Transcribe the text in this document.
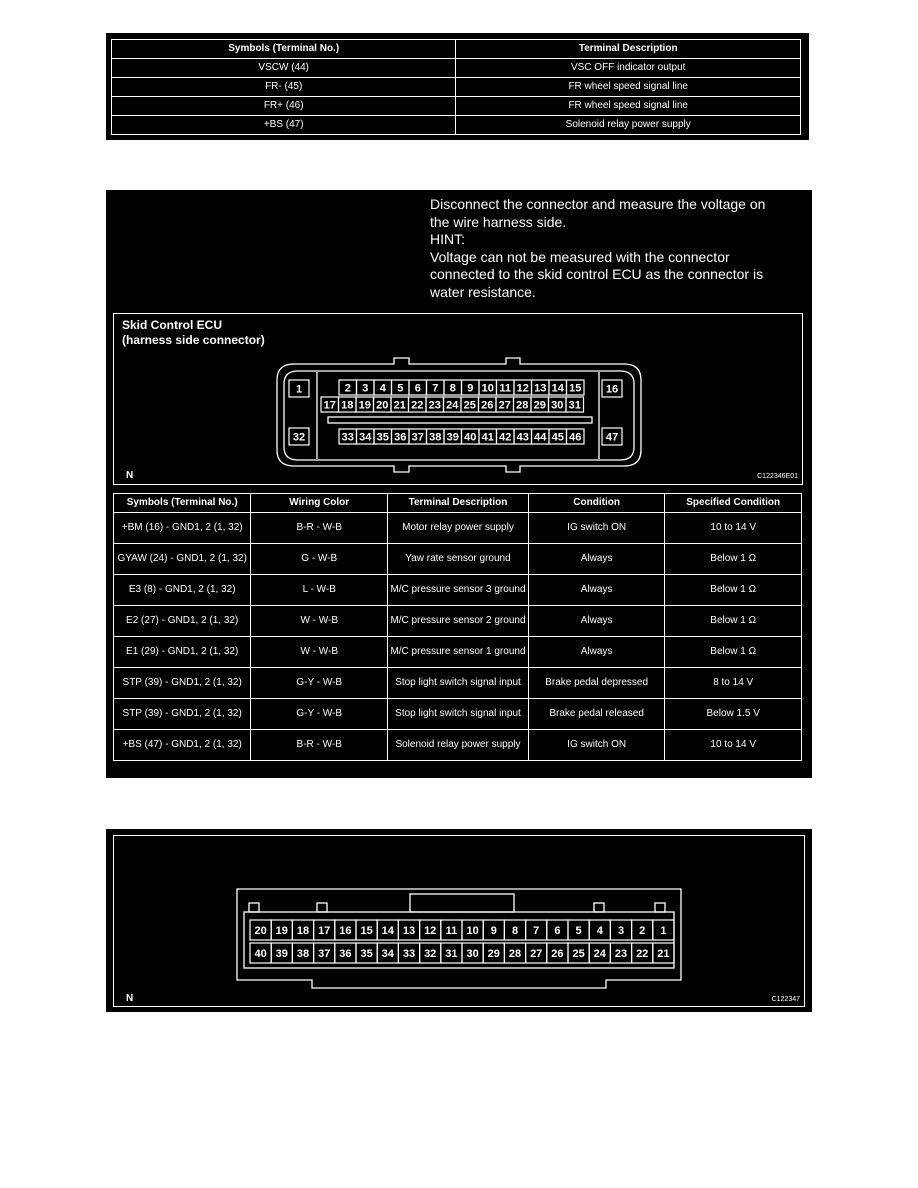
Symbols (Terminal No.)	Terminal Description
VSCW (44)	VSC OFF indicator output
FR- (45)	FR wheel speed signal line
FR+ (46)	FR wheel speed signal line
+BS (47)	Solenoid relay power supply
Disconnect the connector and measure the voltage on
the wire harness side.
HINT:
Voltage can not be measured with the connector
connected to the skid control ECU as the connector is
water resistance.
Skid Control ECU
(harness side connector)
1
32
16
47
2 3 4 5 6 7 8 9 10 11 12 13 14 15
17 18 19 20 21 22 23 24 25 26 27 28 29 30 31
33 34 35 36 37 38 39 40 41 42 43 44 45 46
N	C122346E01
Symbols (Terminal No.)	Wiring Color	Terminal Description	Condition	Specified Condition
+BM (16) - GND1, 2 (1, 32)	B-R - W-B	Motor relay power supply	IG switch ON	10 to 14 V
GYAW (24) - GND1, 2 (1, 32)	G - W-B	Yaw rate sensor ground	Always	Below 1 Ω
E3 (8) - GND1, 2 (1, 32)	L - W-B	M/C pressure sensor 3 ground	Always	Below 1 Ω
E2 (27) - GND1, 2 (1, 32)	W - W-B	M/C pressure sensor 2 ground	Always	Below 1 Ω
E1 (29) - GND1, 2 (1, 32)	W - W-B	M/C pressure sensor 1 ground	Always	Below 1 Ω
STP (39) - GND1, 2 (1, 32)	G-Y - W-B	Stop light switch signal input	Brake pedal depressed	8 to 14 V
STP (39) - GND1, 2 (1, 32)	G-Y - W-B	Stop light switch signal input	Brake pedal released	Below 1.5 V
+BS (47) - GND1, 2 (1, 32)	B-R - W-B	Solenoid relay power supply	IG switch ON	10 to 14 V
20 19 18 17 16 15 14 13 12 11 10 9 8 7 6 5 4 3 2 1
40 39 38 37 36 35 34 33 32 31 30 29 28 27 26 25 24 23 22 21
N	C122347
